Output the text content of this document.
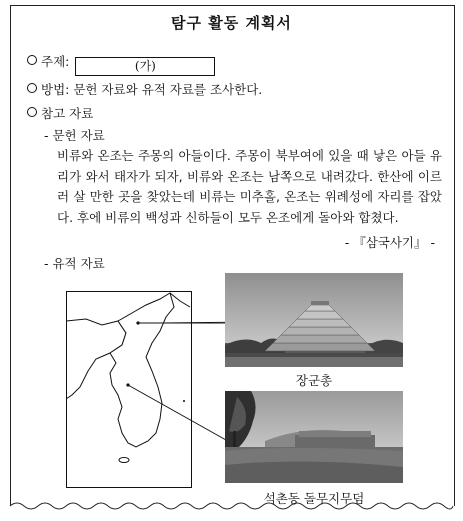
탐구 활동 계획서
주제:	(가)
방법: 문헌 자료와 유적 자료를 조사한다.
참고 자료
- 문헌 자료
비류와 온조는 주몽의 아들이다. 주몽이 북부여에 있을 때 낳은 아들 유리가 와서 태자가 되자, 비류와 온조는 남쪽으로 내려갔다. 한산에 이르러 살 만한 곳을 찾았는데 비류는 미추홀, 온조는 위례성에 자리를 잡았다. 후에 비류의 백성과 신하들이 모두 온조에게 돌아와 합쳤다.
- 『삼국사기』 -
- 유적 자료
장군총
석촌동 돌무지무덤
